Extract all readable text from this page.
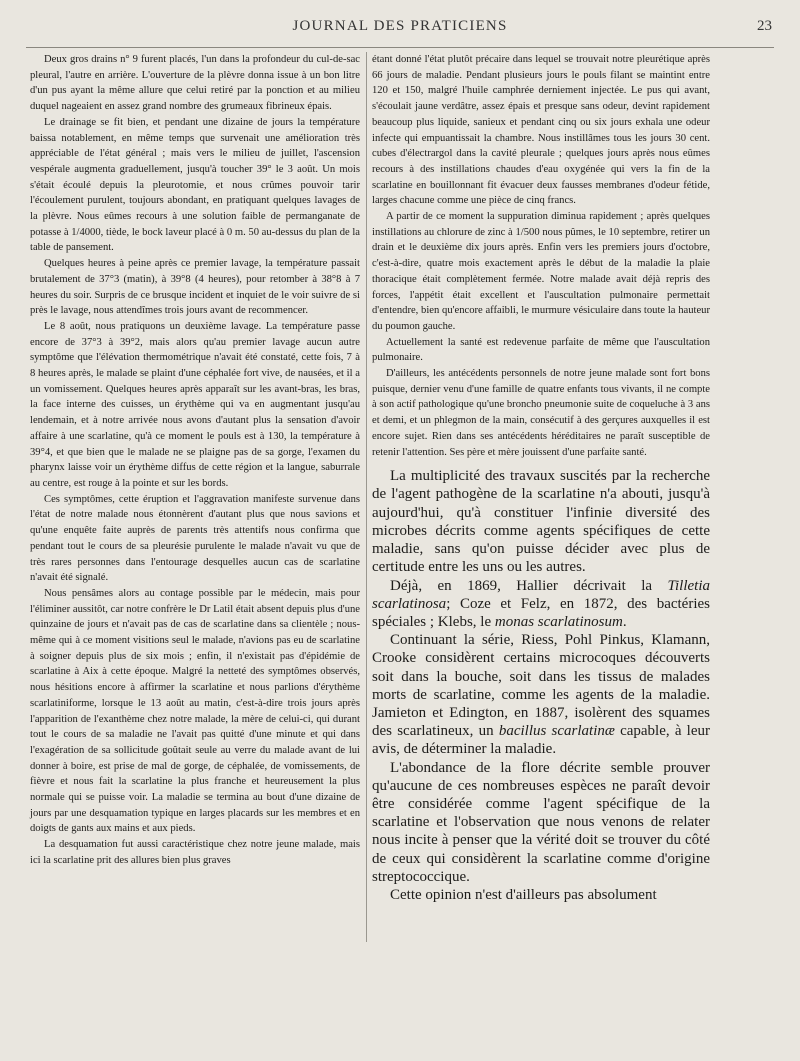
JOURNAL DES PRATICIENS	23

Deux gros drains n° 9 furent placés, l'un dans la profondeur du cul-de-sac pleural, l'autre en arrière. L'ouverture de la plèvre donna issue à un bon litre d'un pus ayant la même allure que celui retiré par la ponction et au milieu duquel nageaient en assez grand nombre des grumeaux fibrineux épais.

Le drainage se fit bien, et pendant une dizaine de jours la température baissa notablement, en même temps que survenait une amélioration très appréciable de l'état général ; mais vers le milieu de juillet, l'ascension vespérale augmenta graduellement, jusqu'à toucher 39° le 3 août. Un mois s'était écoulé depuis la pleurotomie, et nous crûmes pouvoir tarir l'écoulement purulent, toujours abondant, en pratiquant quelques lavages de la plèvre. Nous eûmes recours à une solution faible de permanganate de potasse à 1/4000, tiède, le bock laveur placé à 0 m. 50 au-dessus du plan de la table de pansement.

Quelques heures à peine après ce premier lavage, la température passait brutalement de 37°3 (matin), à 39°8 (4 heures), pour retomber à 38°8 à 7 heures du soir. Surpris de ce brusque incident et inquiet de le voir suivre de si près le lavage, nous attendîmes trois jours avant de recommencer.

Le 8 août, nous pratiquons un deuxième lavage. La température passe encore de 37°3 à 39°2, mais alors qu'au premier lavage aucun autre symptôme que l'élévation thermométrique n'avait été constaté, cette fois, 7 à 8 heures après, le malade se plaint d'une céphalée fort vive, de nausées, et il a un vomissement. Quelques heures après apparaît sur les avant-bras, les bras, la face interne des cuisses, un érythème qui va en augmentant jusqu'au lendemain, et à notre arrivée nous avons d'autant plus la sensation d'avoir affaire à une scarlatine, qu'à ce moment le pouls est à 130, la température à 39°4, et que bien que le malade ne se plaigne pas de sa gorge, l'examen du pharynx laisse voir un érythème diffus de cette région et la langue, saburrale au centre, est rouge à la pointe et sur les bords.

Ces symptômes, cette éruption et l'aggravation manifeste survenue dans l'état de notre malade nous étonnèrent d'autant plus que nous savions et qu'une enquête faite auprès de parents très attentifs nous confirma que pendant tout le cours de sa pleurésie purulente le malade n'avait vu que de très rares personnes dans l'entourage desquelles aucun cas de scarlatine n'avait été signalé.

Nous pensâmes alors au contage possible par le médecin, mais pour l'éliminer aussitôt, car notre confrère le Dr Latil était absent depuis plus d'une quinzaine de jours et n'avait pas de cas de scarlatine dans sa clientèle ; nous-même qui à ce moment visitions seul le malade, n'avions pas eu de scarlatine à soigner depuis plus de six mois ; enfin, il n'existait pas d'épidémie de scarlatine à Aix à cette époque. Malgré la netteté des symptômes observés, nous hésitions encore à affirmer la scarlatine et nous parlions d'érythème scarlatiniforme, lorsque le 13 août au matin, c'est-à-dire trois jours après l'apparition de l'exanthème chez notre malade, la mère de celui-ci, qui durant tout le cours de sa maladie ne l'avait pas quitté d'une minute et qui dans l'exagération de sa sollicitude goûtait seule au verre du malade avant de lui donner à boire, est prise de mal de gorge, de céphalée, de vomissements, de fièvre et nous fait la scarlatine la plus franche et heureusement la plus normale qui se puisse voir. La maladie se termina au bout d'une dizaine de jours par une desquamation typique en larges placards sur les membres et en doigts de gants aux mains et aux pieds.

La desquamation fut aussi caractéristique chez notre jeune malade, mais ici la scarlatine prit des allures bien plus graves

étant donné l'état plutôt précaire dans lequel se trouvait notre pleurétique après 66 jours de maladie. Pendant plusieurs jours le pouls filant se maintint entre 120 et 150, malgré l'huile camphrée derniement injectée. Le pus qui avant, s'écoulait jaune verdâtre, assez épais et presque sans odeur, devint rapidement beaucoup plus liquide, sanieux et pendant cinq ou six jours exhala une odeur infecte qui empuantissait la chambre. Nous instillâmes tous les jours 30 cent. cubes d'électrargol dans la cavité pleurale ; quelques jours après nous eûmes recours à des instillations chaudes d'eau oxygénée qui vers la fin de la scarlatine en bouillonnant fit évacuer deux fausses membranes d'odeur fétide, larges chacune comme une pièce de cinq francs.

A partir de ce moment la suppuration diminua rapidement ; après quelques instillations au chlorure de zinc à 1/500 nous pûmes, le 10 septembre, retirer un drain et le deuxième dix jours après. Enfin vers les premiers jours d'octobre, c'est-à-dire, quatre mois exactement après le début de la maladie la plaie thoracique était complètement fermée. Notre malade avait déjà repris des forces, l'appétit était excellent et l'auscultation pulmonaire permettait d'entendre, bien qu'encore affaibli, le murmure vésiculaire dans toute la hauteur du poumon gauche.

Actuellement la santé est redevenue parfaite de même que l'auscultation pulmonaire.

D'ailleurs, les antécédents personnels de notre jeune malade sont fort bons puisque, dernier venu d'une famille de quatre enfants tous vivants, il ne compte à son actif pathologique qu'une broncho pneumonie suite de coqueluche à 3 ans et demi, et un phlegmon de la main, consécutif à des gerçures auxquelles il est encore sujet. Rien dans ses antécédents héréditaires ne paraît susceptible de retenir l'attention. Ses père et mère jouissent d'une parfaite santé.

La multiplicité des travaux suscités par la recherche de l'agent pathogène de la scarlatine n'a abouti, jusqu'à aujourd'hui, qu'à constituer l'infinie diversité des microbes décrits comme agents spécifiques de cette maladie, sans qu'on puisse décider avec plus de certitude entre les uns ou les autres.

Déjà, en 1869, Hallier décrivait la Tilletia scarlatinosa; Coze et Felz, en 1872, des bactéries spéciales ; Klebs, le monas scarlatinosum.

Continuant la série, Riess, Pohl Pinkus, Klamann, Crooke considèrent certains microcoques découverts soit dans la bouche, soit dans les tissus de malades morts de scarlatine, comme les agents de la maladie. Jamieton et Edington, en 1887, isolèrent des squames des scarlatineux, un bacillus scarlatinæ capable, à leur avis, de déterminer la maladie.

L'abondance de la flore décrite semble prouver qu'aucune de ces nombreuses espèces ne paraît devoir être considérée comme l'agent spécifique de la scarlatine et l'observation que nous venons de relater nous incite à penser que la vérité doit se trouver du côté de ceux qui considèrent la scarlatine comme d'origine streptococcique.

Cette opinion n'est d'ailleurs pas absolument
